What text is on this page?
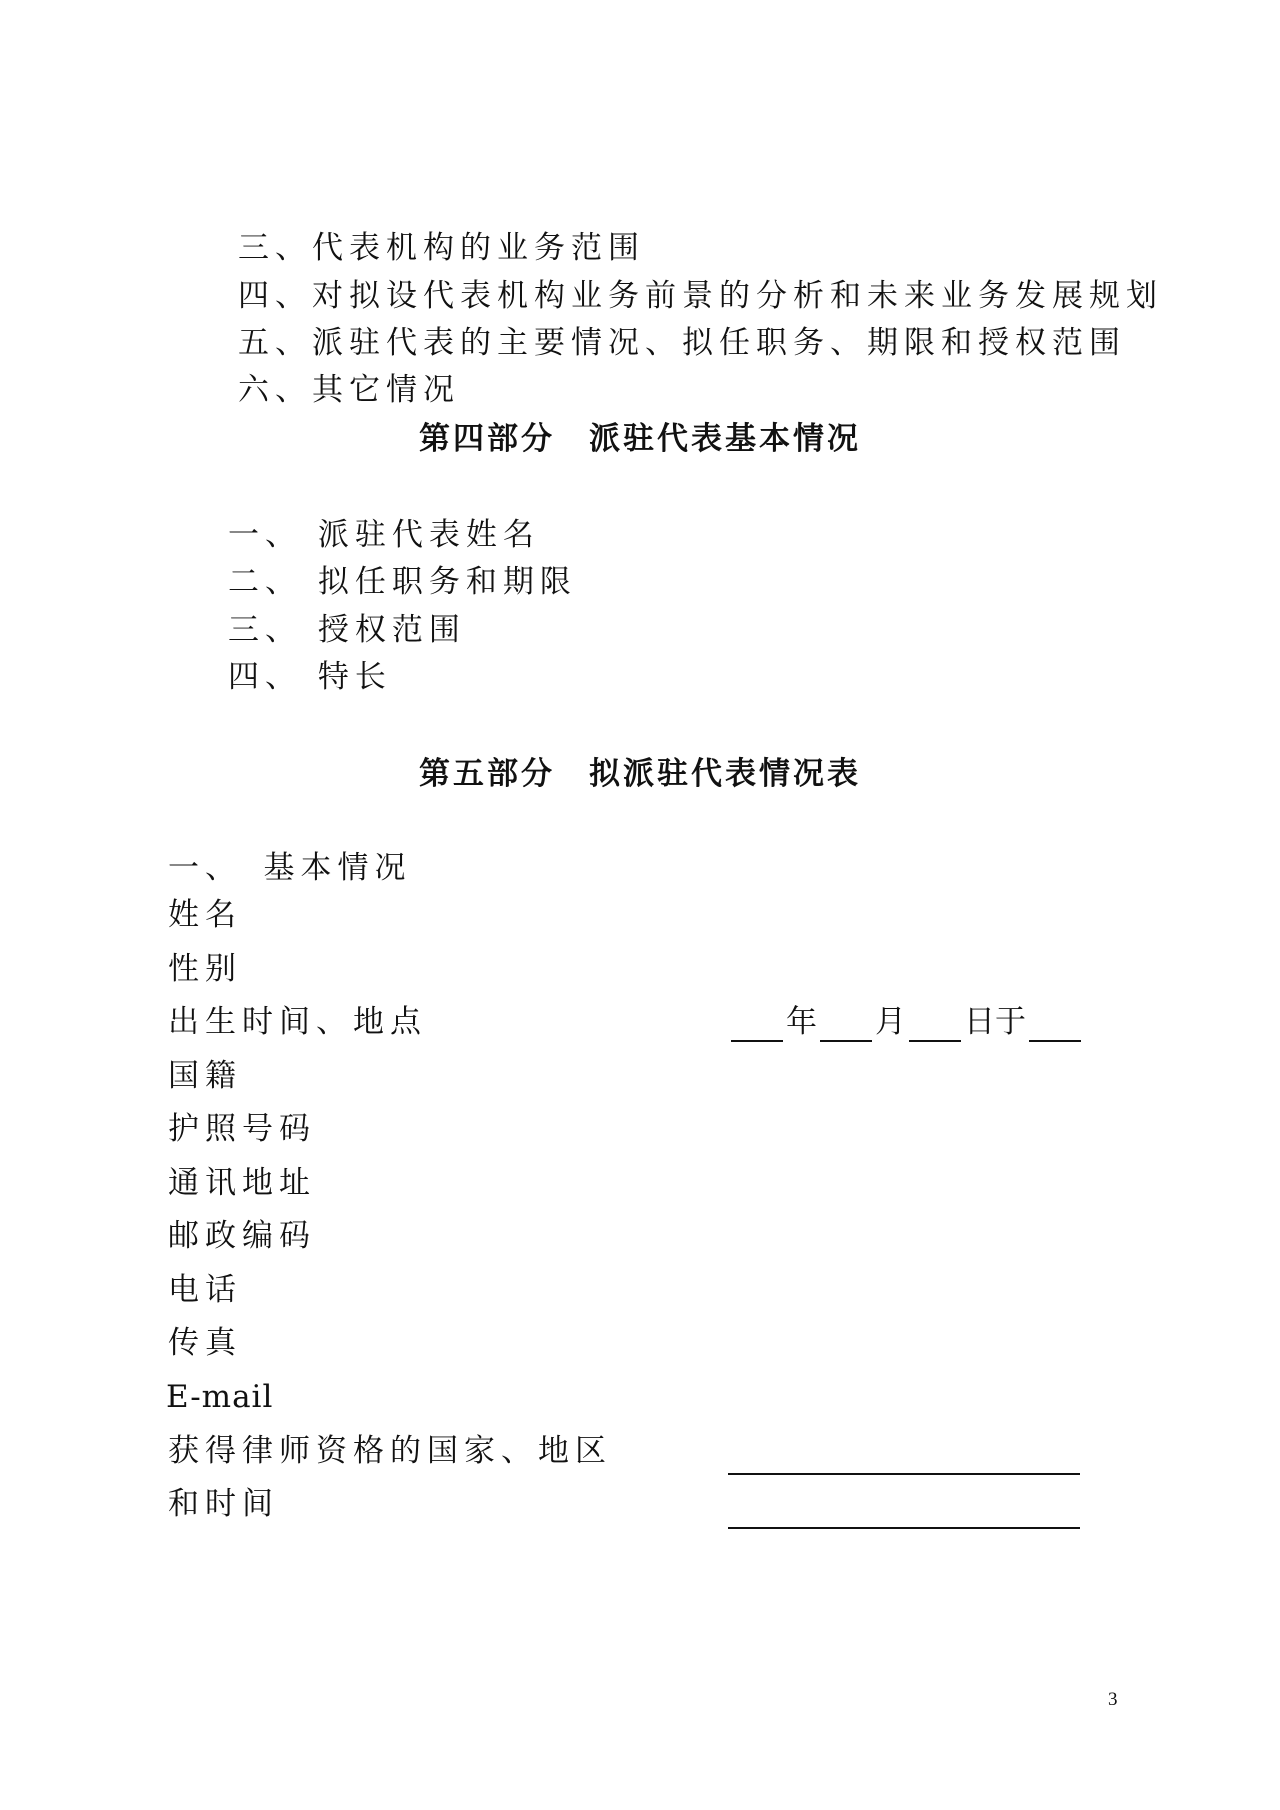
三、代表机构的业务范围
四、对拟设代表机构业务前景的分析和未来业务发展规划
五、派驻代表的主要情况、拟任职务、期限和授权范围
六、其它情况
第四部分　派驻代表基本情况
一、 派驻代表姓名
二、 拟任职务和期限
三、 授权范围
四、 特长
第五部分　拟派驻代表情况表
一、　基本情况
姓名
性别
出生时间、地点	年 月 日于
国籍
护照号码
通讯地址
邮政编码
电话
传真
E-mail
获得律师资格的国家、地区
和时间
3
